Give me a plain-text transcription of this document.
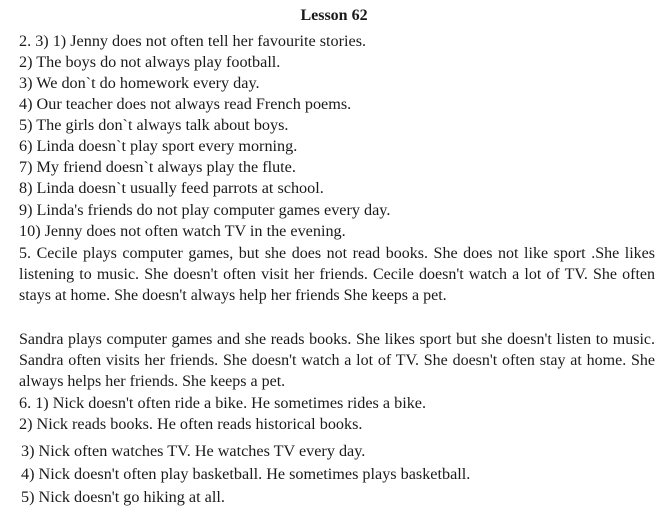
Lesson 62
2. 3) 1) Jenny does not often tell her favourite stories.
2) The boys do not always play football.
3) We don`t do homework every day.
4) Our teacher does not always read French poems.
5) The girls don`t always talk about boys.
6) Linda doesn`t play sport every morning.
7) My friend doesn`t always play the flute.
8) Linda doesn`t usually feed parrots at school.
9) Linda's friends do not play computer games every day.
10) Jenny does not often watch TV in the evening.
5. Cecile plays computer games, but she does not read books. She does not like sport .She likes listening to music. She doesn't often visit her friends. Cecile doesn't watch a lot of TV. She often stays at home. She doesn't always help her friends She keeps a pet.
Sandra plays computer games and she reads books. She likes sport but she doesn't listen to music. Sandra often visits her friends. She doesn't watch a lot of TV. She doesn't often stay at home. She always helps her friends. She keeps a pet.
6. 1) Nick doesn't often ride a bike. He sometimes rides a bike.
2) Nick reads books. He often reads historical books.
3) Nick often watches TV. He watches TV every day.
4) Nick doesn't often play basketball. He sometimes plays basketball.
5) Nick doesn't go hiking at all.
